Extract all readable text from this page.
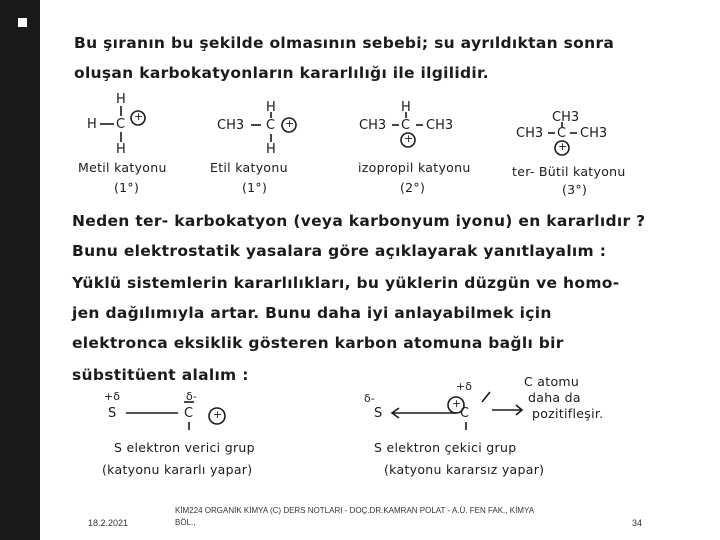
Bu şıranın bu şekilde olmasının sebebi; su ayrıldıktan sonra
oluşan karbokatyonların kararlılığı ile ilgilidir.
H
H C
+
H
H
CH3 C +
H
H
CH3 C CH3
+
CH3
CH3 C CH3
+
Metil katyonu
(1°)
Etil katyonu
(1°)
izopropil katyonu
(2°)
ter- Bütil katyonu
(3°)
Neden ter- karbokatyon (veya karbonyum iyonu) en kararlıdır ?
Bunu elektrostatik yasalara göre açıklayarak yanıtlayalım :
Yüklü sistemlerin kararlılıkları, bu yüklerin düzgün ve homo-
jen dağılımıyla artar. Bunu daha iyi anlayabilmek için
elektronca eksiklik gösteren karbon atomuna bağlı bir
sübstitüent alalım :
+δ
S
δ-
C +
δ-
S
+δ
C
+
C atomu
daha da
pozitifleşir.
S elektron verici grup
(katyonu kararlı yapar)
S elektron çekici grup
(katyonu kararsız yapar)
18.2.2021
KİM224 ORGANİK KİMYA (C) DERS NOTLARI - DOÇ.DR.KAMRAN POLAT - A.Ü. FEN FAK., KİMYA BÖL.,	34
